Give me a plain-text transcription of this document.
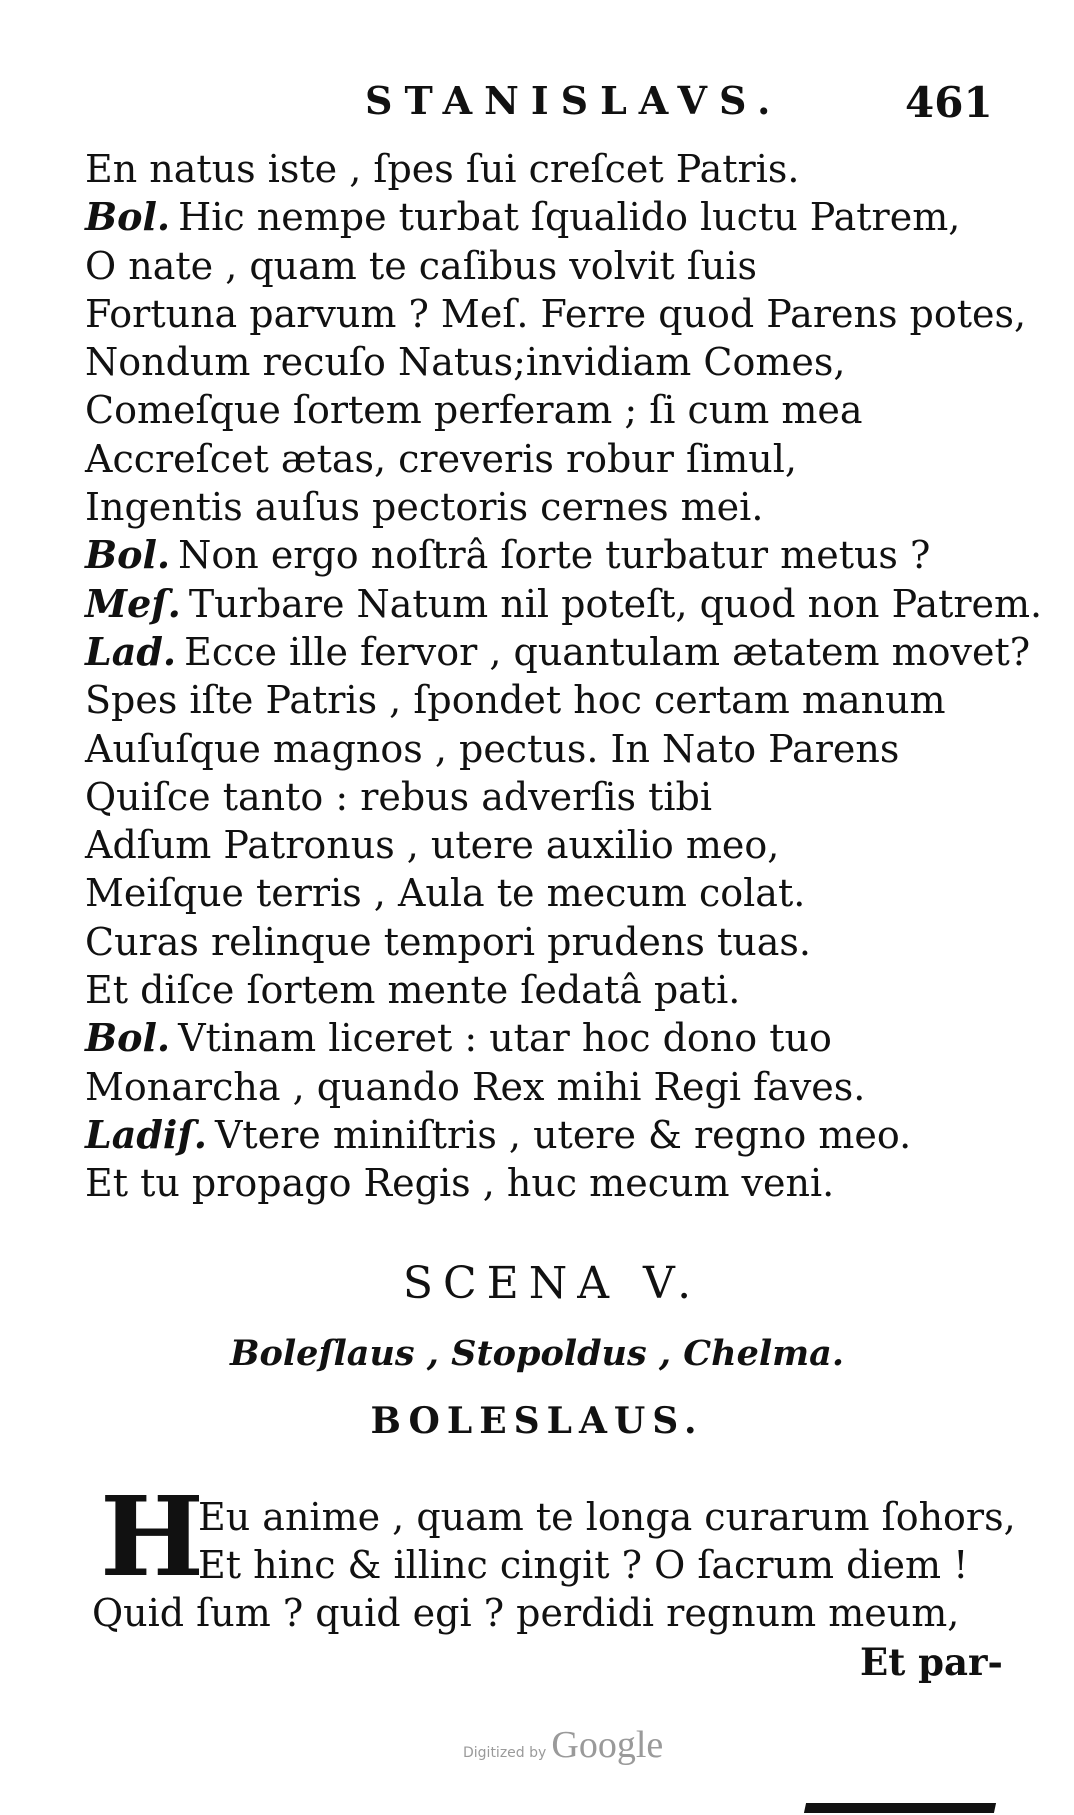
STANISLAVS.	461
En natus iste , ſpes ſui creſcet Patris.
Bol. Hic nempe turbat ſqualido luctu Patrem,
O nate , quam te caſibus volvit ſuis
Fortuna parvum ? Meſ. Ferre quod Parens potes,
Nondum recuſo Natus;invidiam Comes,
Comeſque ſortem perferam ; ſi cum mea
Accreſcet ætas, creveris robur ſimul,
Ingentis auſus pectoris cernes mei.
Bol. Non ergo noſtrâ ſorte turbatur metus ?
Meſ. Turbare Natum nil poteſt, quod non Patrem.
Lad. Ecce ille fervor , quantulam ætatem movet?
Spes iſte Patris , ſpondet hoc certam manum
Auſuſque magnos , pectus. In Nato Parens
Quiſce tanto : rebus adverſis tibi
Adſum Patronus , utere auxilio meo,
Meiſque terris , Aula te mecum colat.
Curas relinque tempori prudens tuas.
Et diſce ſortem mente ſedatâ pati.
Bol. Vtinam liceret : utar hoc dono tuo
Monarcha , quando Rex mihi Regi faves.
Ladiſ. Vtere miniſtris , utere & regno meo.
Et tu propago Regis , huc mecum veni.
SCENA V.
Boleſlaus , Stopoldus , Chelma.
BOLESLAUS.
H
Eu anime , quam te longa curarum ſohors,
Et hinc & illinc cingit ? O ſacrum diem !
Quid ſum ? quid egi ? perdidi regnum meum,
Et par-
Digitized by Google
